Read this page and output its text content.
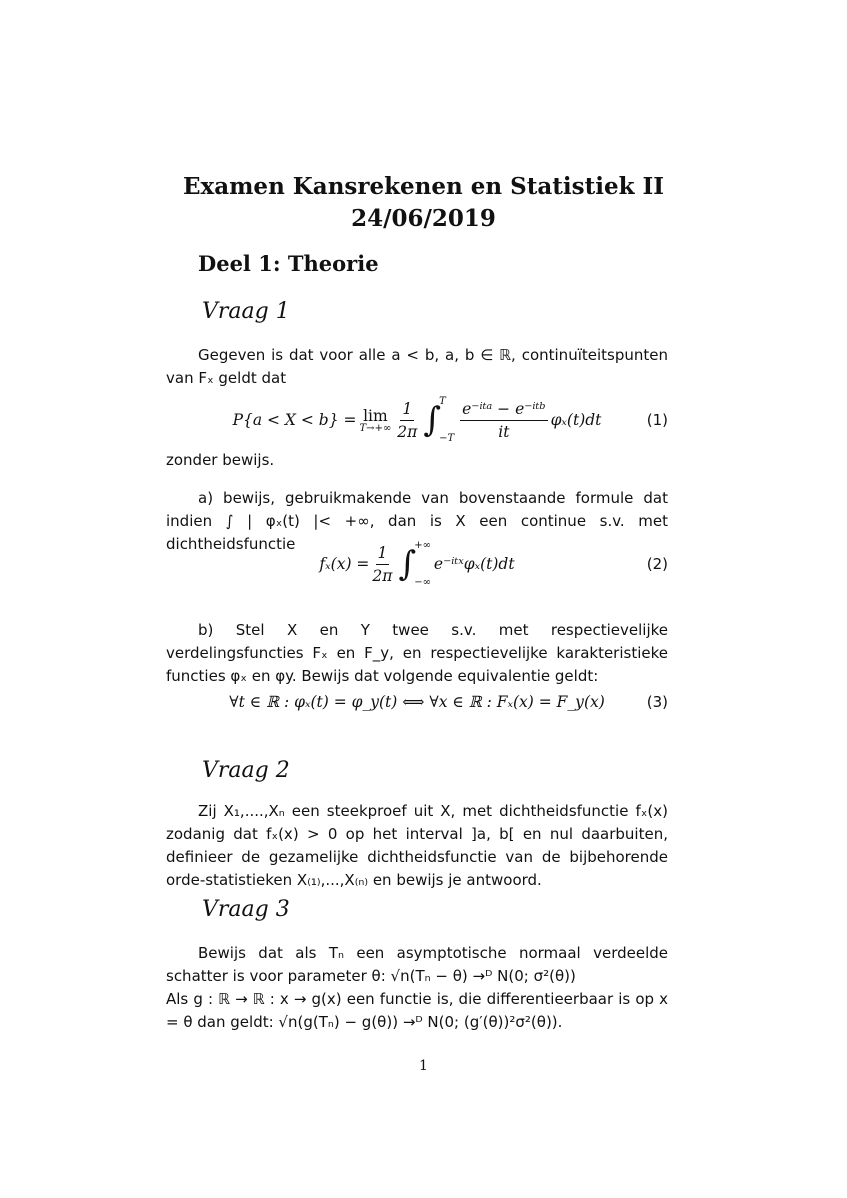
Examen Kansrekenen en Statistiek II
24/06/2019
Deel 1: Theorie
Vraag 1
Gegeven is dat voor alle a < b, a, b ∈ ℝ, continuïteitspunten van Fₓ geldt dat
P{a < X < b} = lim
$T\to+\infty \frac{1}{2\pi}$ ∫
T
$-T \frac{\text{e⁻ⁱᵗᵃ − e⁻ⁱᵗᵇ}}{it} \varphi_x(t)dt$	(1)
zonder bewijs.
a) bewijs, gebruikmakende van bovenstaande formule dat indien ∫ | φₓ(t) |< +∞, dan is X een continue s.v. met dichtheidsfunctie
$f_x(x) = \frac{1}{2\pi}$ ∫
+∞
−∞
e⁻ⁱᵗˣφₓ(t)dt	(2)
b) Stel X en Y twee s.v. met respectievelijke verdelingsfuncties Fₓ en F_y, en respectievelijke karakteristieke functies φₓ en φy. Bewijs dat volgende equivalentie geldt:
∀t ∈ ℝ : φₓ(t) = φ_y(t) ⟺ ∀x ∈ ℝ : Fₓ(x) = F_y(x)	(3)
Vraag 2
Zij X₁,....,Xₙ een steekproef uit X, met dichtheidsfunctie fₓ(x) zodanig dat fₓ(x) > 0 op het interval ]a, b[ en nul daarbuiten, definieer de gezamelijke dichtheidsfunctie van de bijbehorende orde-statistieken X₍₁₎,...,X₍ₙ₎ en bewijs je antwoord.
Vraag 3
Bewijs dat als Tₙ een asymptotische normaal verdeelde schatter is voor parameter θ: √n(Tₙ − θ) →ᴰ N(0; σ²(θ))
Als g : ℝ → ℝ : x → g(x) een functie is, die differentieerbaar is op x = θ dan geldt: √n(g(Tₙ) − g(θ)) →ᴰ N(0; (g′(θ))²σ²(θ)).
1
